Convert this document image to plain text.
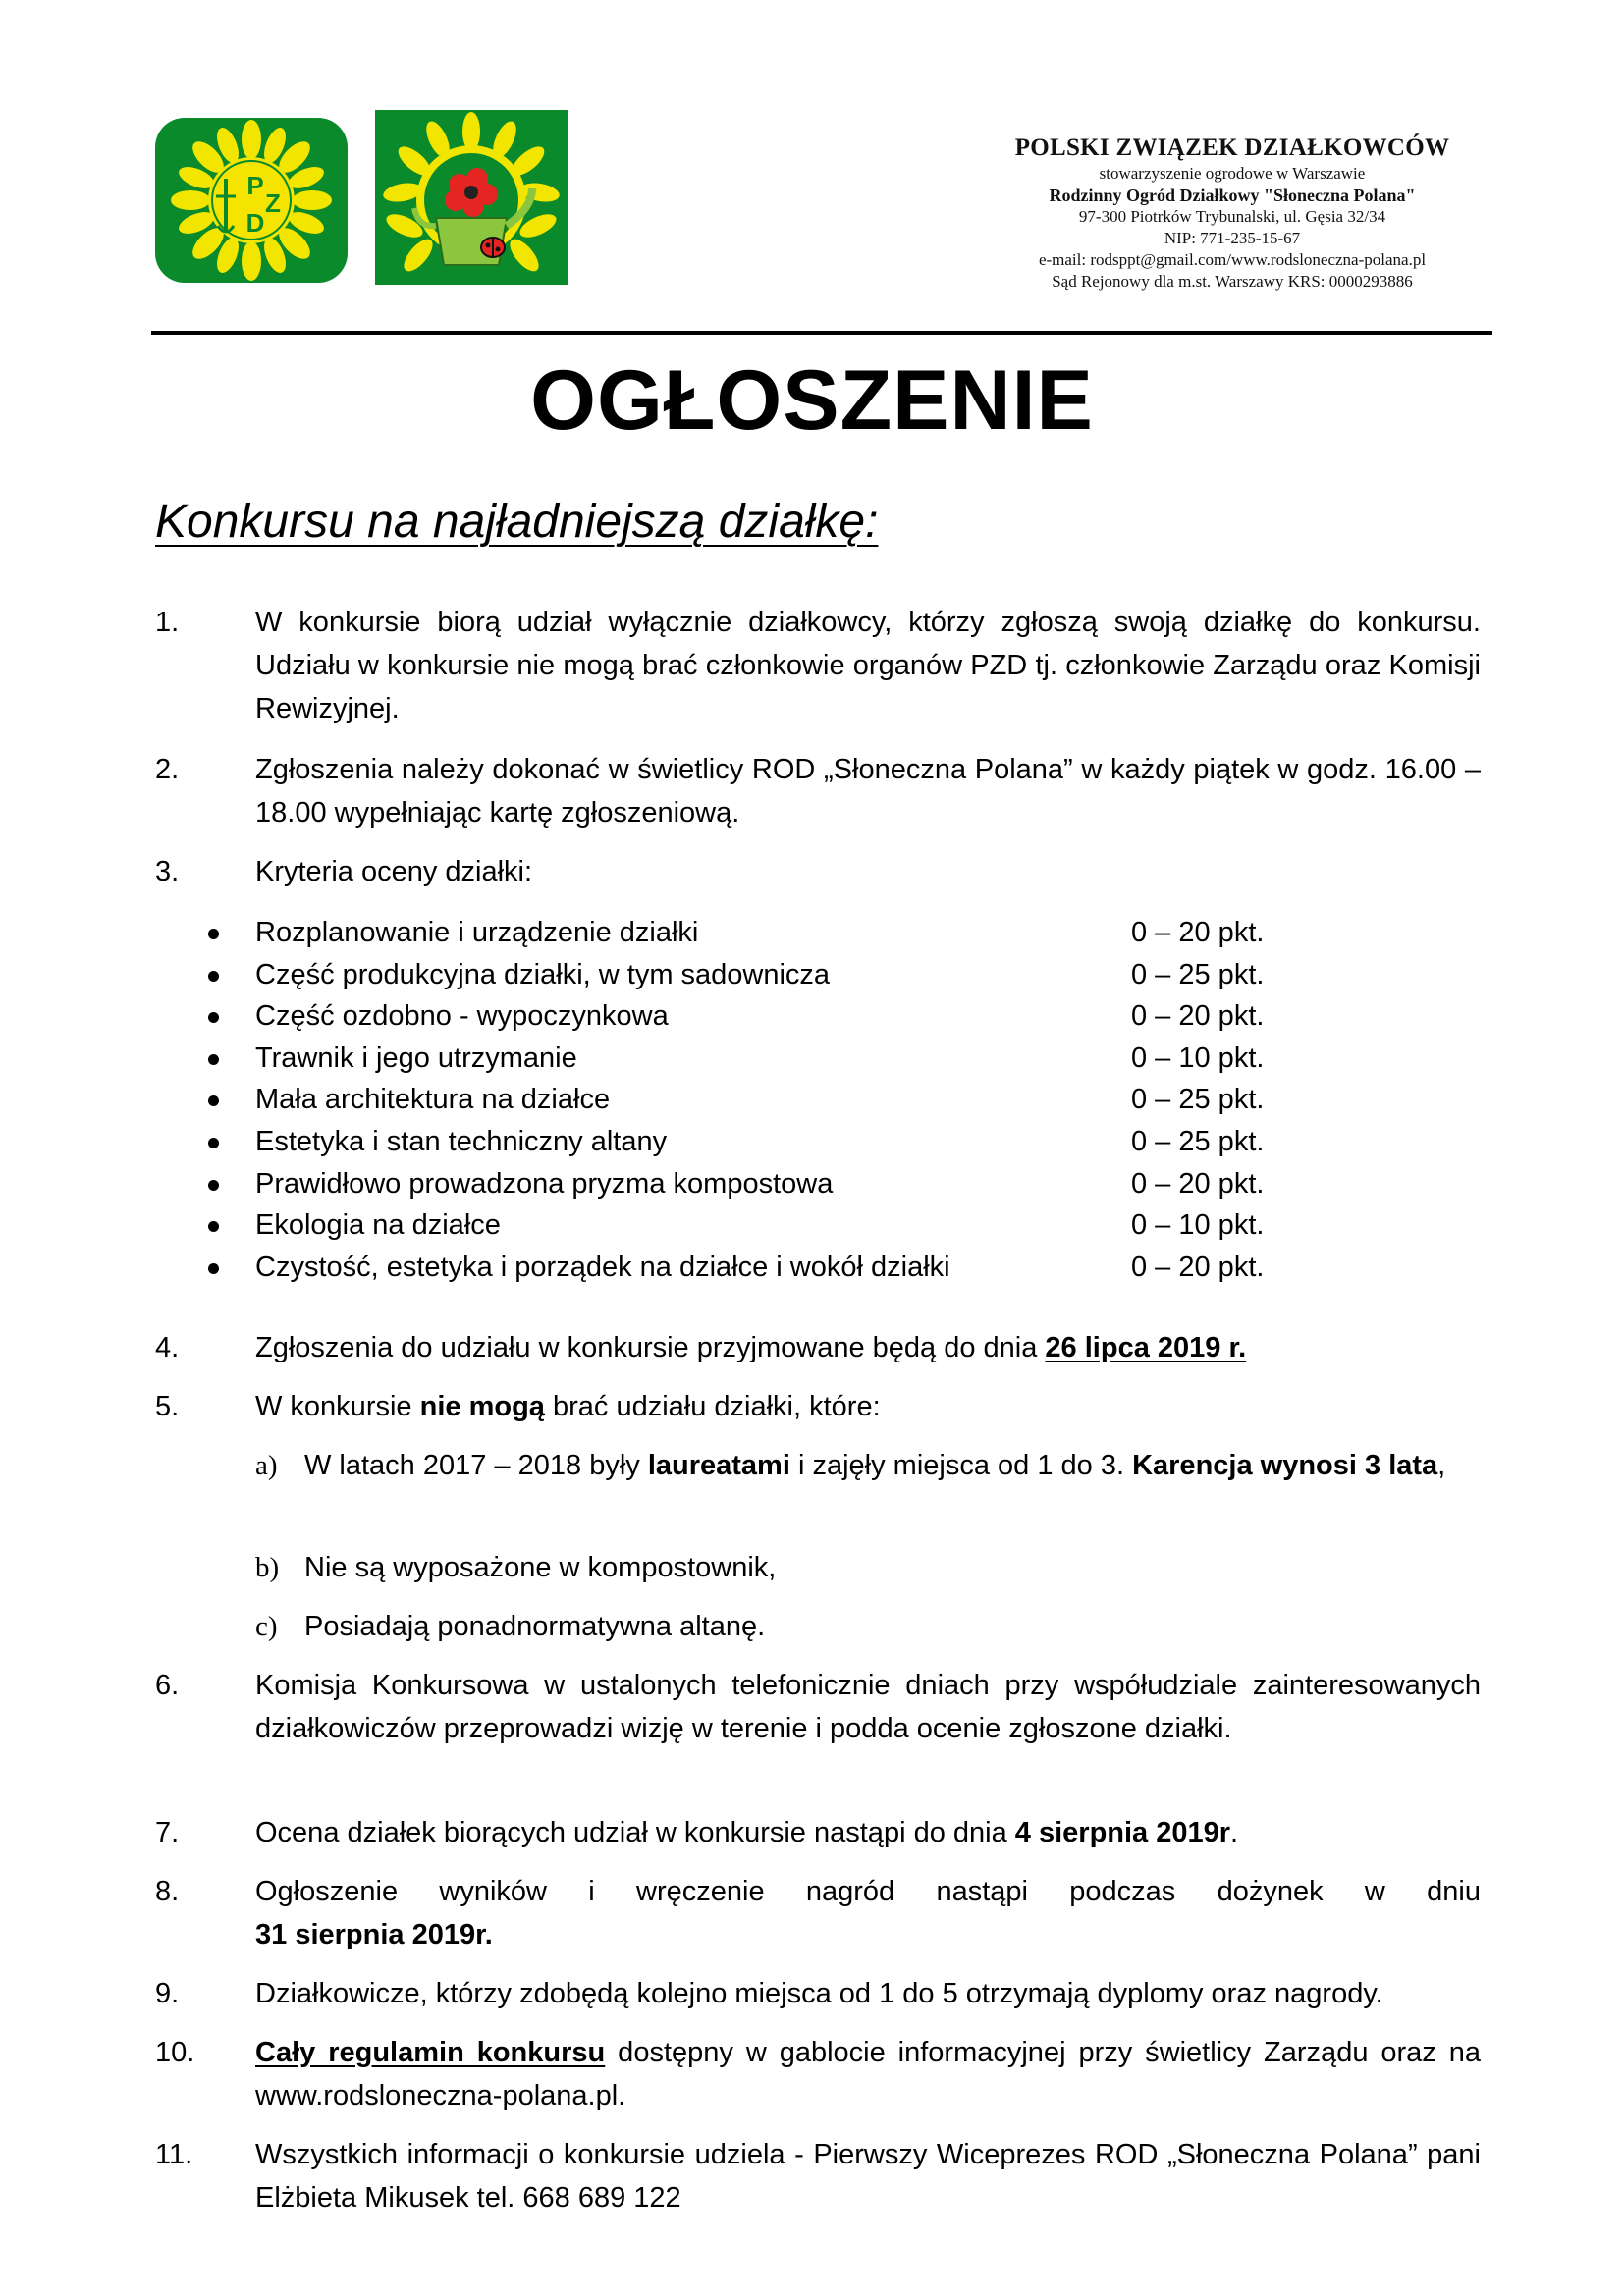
P
Z
D
POLSKI ZWIĄZEK DZIAŁKOWCÓW
stowarzyszenie ogrodowe w Warszawie
Rodzinny Ogród Działkowy "Słoneczna Polana"
97-300 Piotrków Trybunalski, ul. Gęsia 32/34
NIP: 771-235-15-67
e-mail: rodsppt@gmail.com/www.rodsloneczna-polana.pl
Sąd Rejonowy dla m.st. Warszawy KRS: 0000293886
OGŁOSZENIE
Konkursu na najładniejszą działkę:
1.	W konkursie biorą udział wyłącznie działkowcy, którzy zgłoszą swoją działkę do konkursu. Udziału w konkursie nie mogą brać członkowie organów PZD tj. członkowie Zarządu oraz Komisji Rewizyjnej.
2.	Zgłoszenia należy dokonać w świetlicy ROD „Słoneczna Polana” w każdy piątek w godz. 16.00 – 18.00 wypełniając kartę zgłoszeniową.
3.	Kryteria oceny działki:
Rozplanowanie i urządzenie działki	0 – 20 pkt.
Część produkcyjna działki, w tym sadownicza	0 – 25 pkt.
Część ozdobno - wypoczynkowa	0 – 20 pkt.
Trawnik i jego utrzymanie	0 – 10 pkt.
Mała architektura na działce	0 – 25 pkt.
Estetyka i stan techniczny altany	0 – 25 pkt.
Prawidłowo prowadzona pryzma kompostowa	0 – 20 pkt.
Ekologia na działce	0 – 10 pkt.
Czystość, estetyka i porządek na działce i wokół działki	0 – 20 pkt.
4.	Zgłoszenia do udziału w konkursie przyjmowane będą do dnia 26 lipca 2019 r.
5.	W konkursie nie mogą brać udziału działki, które:
a) W latach 2017 – 2018 były laureatami i zajęły miejsca od 1 do 3. Karencja wynosi 3 lata,
b) Nie są wyposażone w kompostownik,
c) Posiadają ponadnormatywna altanę.
6.	Komisja Konkursowa w ustalonych telefonicznie dniach przy współudziale zainteresowanych działkowiczów przeprowadzi wizję w terenie i podda ocenie zgłoszone działki.
7.	Ocena działek biorących udział w konkursie nastąpi do dnia 4 sierpnia 2019r.
8.	Ogłoszenie wyników i wręczenie nagród nastąpi podczas dożynek w dniu
31 sierpnia 2019r.
9.	Działkowicze, którzy zdobędą kolejno miejsca od 1 do 5 otrzymają dyplomy oraz nagrody.
10. Cały regulamin konkursu dostępny w gablocie informacyjnej przy świetlicy Zarządu oraz na www.rodsloneczna-polana.pl.
11. Wszystkich informacji o konkursie udziela - Pierwszy Wiceprezes ROD „Słoneczna Polana” pani Elżbieta Mikusek tel. 668 689 122
